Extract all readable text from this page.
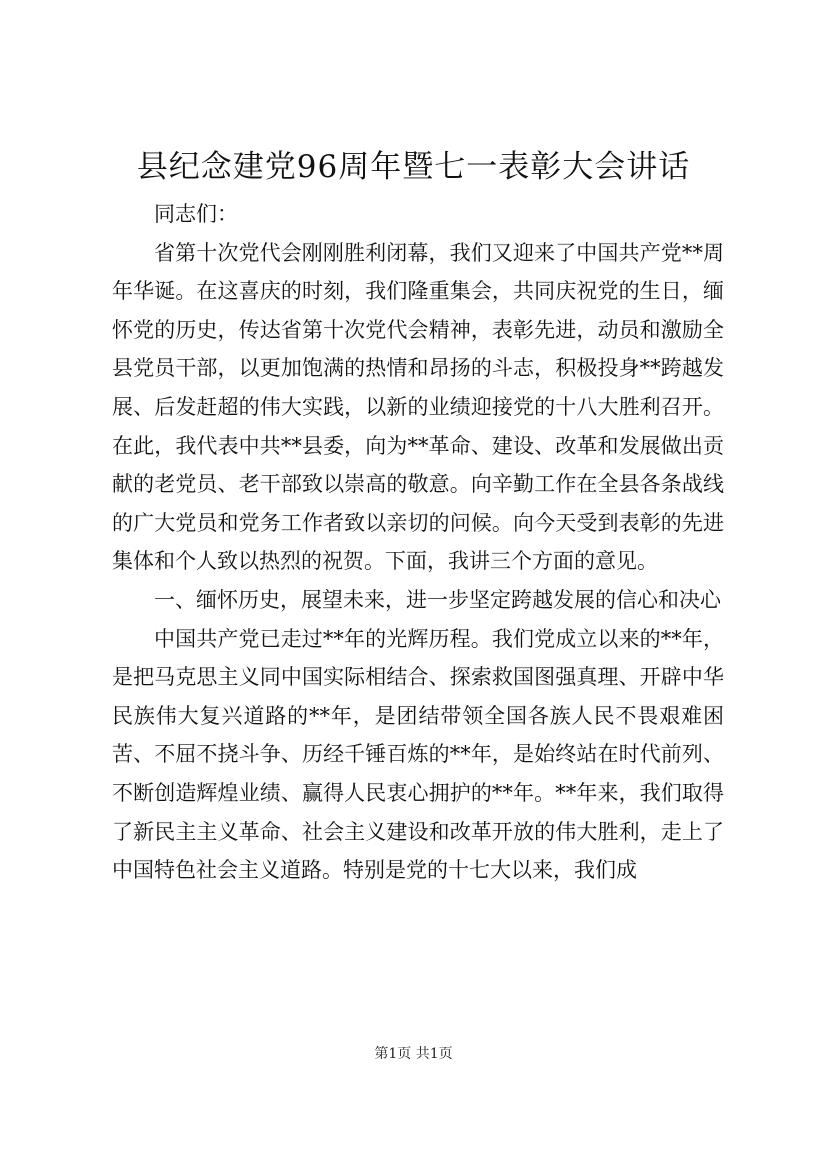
县纪念建党96周年暨七一表彰大会讲话

同志们：

省第十次党代会刚刚胜利闭幕，我们又迎来了中国共产党**周年华诞。在这喜庆的时刻，我们隆重集会，共同庆祝党的生日，缅怀党的历史，传达省第十次党代会精神，表彰先进，动员和激励全县党员干部，以更加饱满的热情和昂扬的斗志，积极投身**跨越发展、后发赶超的伟大实践，以新的业绩迎接党的十八大胜利召开。在此，我代表中共**县委，向为**革命、建设、改革和发展做出贡献的老党员、老干部致以崇高的敬意。向辛勤工作在全县各条战线的广大党员和党务工作者致以亲切的问候。向今天受到表彰的先进集体和个人致以热烈的祝贺。下面，我讲三个方面的意见。

一、缅怀历史，展望未来，进一步坚定跨越发展的信心和决心

中国共产党已走过**年的光辉历程。我们党成立以来的**年，是把马克思主义同中国实际相结合、探索救国图强真理、开辟中华民族伟大复兴道路的**年，是团结带领全国各族人民不畏艰难困苦、不屈不挠斗争、历经千锤百炼的**年，是始终站在时代前列、不断创造辉煌业绩、赢得人民衷心拥护的**年。**年来，我们取得了新民主主义革命、社会主义建设和改革开放的伟大胜利，走上了中国特色社会主义道路。特别是党的十七大以来，我们成

第1页 共1页
